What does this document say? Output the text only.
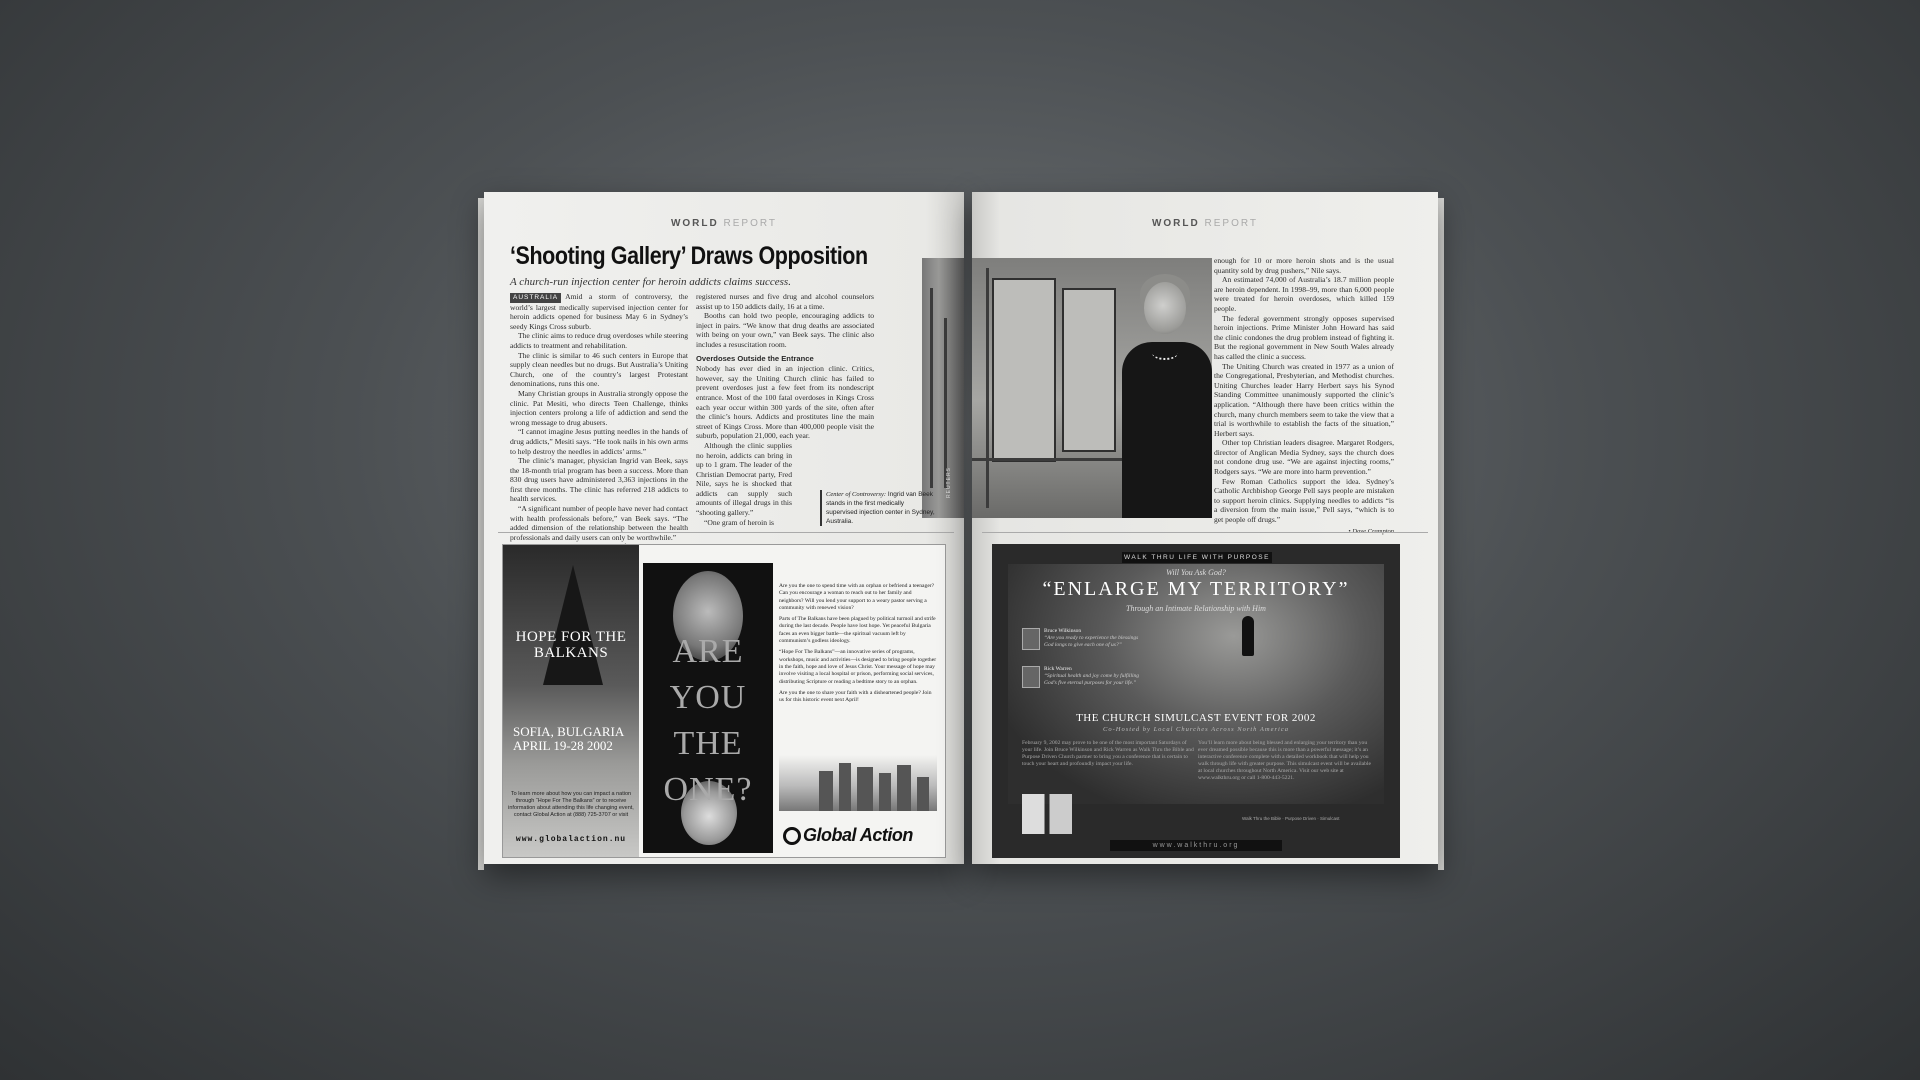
WORLD REPORT
‘Shooting Gallery’ Draws Opposition
A church-run injection center for heroin addicts claims success.

AUSTRALIA Amid a storm of controversy, the world’s largest medically supervised injection center for heroin addicts opened for business May 6 in Sydney’s seedy Kings Cross suburb.

The clinic aims to reduce drug overdoses while steering addicts to treatment and rehabilitation.

The clinic is similar to 46 such centers in Europe that supply clean needles but no drugs. But Australia’s Uniting Church, one of the country’s largest Protestant denominations, runs this one.

Many Christian groups in Australia strongly oppose the clinic. Pat Mesiti, who directs Teen Challenge, thinks injection centers prolong a life of addiction and send the wrong message to drug abusers.

“I cannot imagine Jesus putting needles in the hands of drug addicts,” Mesiti says. “He took nails in his own arms to help destroy the needles in addicts’ arms.”

The clinic’s manager, physician Ingrid van Beek, says the 18-month trial program has been a success. More than 830 drug users have administered 3,363 injections in the first three months. The clinic has referred 218 addicts to health services.

“A significant number of people have never had contact with health professionals before,” van Beek says. “The added dimension of the relationship between the health professionals and daily users can only be worthwhile.”

registered nurses and five drug and alcohol counselors assist up to 150 addicts daily, 16 at a time.

Booths can hold two people, encouraging addicts to inject in pairs. “We know that drug deaths are associated with being on your own,” van Beek says. The clinic also includes a resuscitation room.

Overdoses Outside the Entrance

Nobody has ever died in an injection clinic. Critics, however, say the Uniting Church clinic has failed to prevent overdoses just a few feet from its nondescript entrance. Most of the 100 fatal overdoses in Kings Cross each year occur within 300 yards of the site, often after the clinic’s hours. Addicts and prostitutes line the main street of Kings Cross. More than 400,000 people visit the suburb, population 21,000, each year.

Although the clinic supplies no heroin, addicts can bring in up to 1 gram. The leader of the Christian Democrat party, Fred Nile, says he is shocked that addicts can supply such amounts of illegal drugs in this “shooting gallery.”

“One gram of heroin is

REUTERS
Center of Controversy: Ingrid van Beek stands in the first medically supervised injection center in Sydney, Australia.
HOPE FOR THE BALKANS
SOFIA, BULGARIA
APRIL 19-28 2002
To learn more about how you can impact a nation through “Hope For The Balkans” or to receive information about attending this life changing event, contact Global Action at (888) 725-3707 or visit
www.globalaction.nu
ARE
YOU
THE
ONE?

Are you the one to spend time with an orphan or befriend a teenager? Can you encourage a woman to reach out to her family and neighbors? Will you lend your support to a weary pastor serving a community with renewed vision?

Parts of The Balkans have been plagued by political turmoil and strife during the last decade. People have lost hope. Yet peaceful Bulgaria faces an even bigger battle—the spiritual vacuum left by communism’s godless ideology.

“Hope For The Balkans”—an innovative series of programs, workshops, music and activities—is designed to bring people together in the faith, hope and love of Jesus Christ. Your message of hope may involve visiting a local hospital or prison, performing social services, distributing Scripture or reading a bedtime story to an orphan.

Are you the one to share your faith with a disheartened people? Join us for this historic event next April!

Global Action
WORLD REPORT

enough for 10 or more heroin shots and is the usual quantity sold by drug pushers,” Nile says.

An estimated 74,000 of Australia’s 18.7 million people are heroin dependent. In 1998–99, more than 6,000 people were treated for heroin overdoses, which killed 159 people.

The federal government strongly opposes supervised heroin injections. Prime Minister John Howard has said the clinic condones the drug problem instead of fighting it. But the regional government in New South Wales already has called the clinic a success.

The Uniting Church was created in 1977 as a union of the Congregational, Presbyterian, and Methodist churches. Uniting Churches leader Harry Herbert says his Synod Standing Committee unanimously supported the clinic’s application. “Although there have been critics within the church, many church members seem to take the view that a trial is worthwhile to establish the facts of the situation,” Herbert says.

Other top Christian leaders disagree. Margaret Rodgers, director of Anglican Media Sydney, says the church does not condone drug use. “We are against injecting rooms,” Rodgers says. “We are more into harm prevention.”

Few Roman Catholics support the idea. Sydney’s Catholic Archbishop George Pell says people are mistaken to support heroin clinics. Supplying needles to addicts “is a diversion from the main issue,” Pell says, “which is to get people off drugs.”

WALK THRU LIFE WITH PURPOSE
Will You Ask God?
“ENLARGE MY TERRITORY”
Through an Intimate Relationship with Him
Bruce Wilkinson
“Are you ready to experience the blessings God longs to give each one of us?”
Rick Warren
“Spiritual health and joy come by fulfilling God’s five eternal purposes for your life.”
THE CHURCH SIMULCAST EVENT FOR 2002
Co-Hosted by Local Churches Across North America
February 9, 2002 may prove to be one of the most important Saturdays of your life. Join Bruce Wilkinson and Rick Warren as Walk Thru the Bible and Purpose Driven Church partner to bring you a conference that is certain to touch your heart and profoundly impact your life.
You’ll learn more about being blessed and enlarging your territory than you ever dreamed possible because this is more than a powerful message; it’s an interactive conference complete with a detailed workbook that will help you walk through life with greater purpose. This simulcast event will be available at local churches throughout North America. Visit our web site at www.walkthru.org or call 1-800-443-5221.
Walk Thru the Bible · Purpose Driven · Simulcast
www.walkthru.org
